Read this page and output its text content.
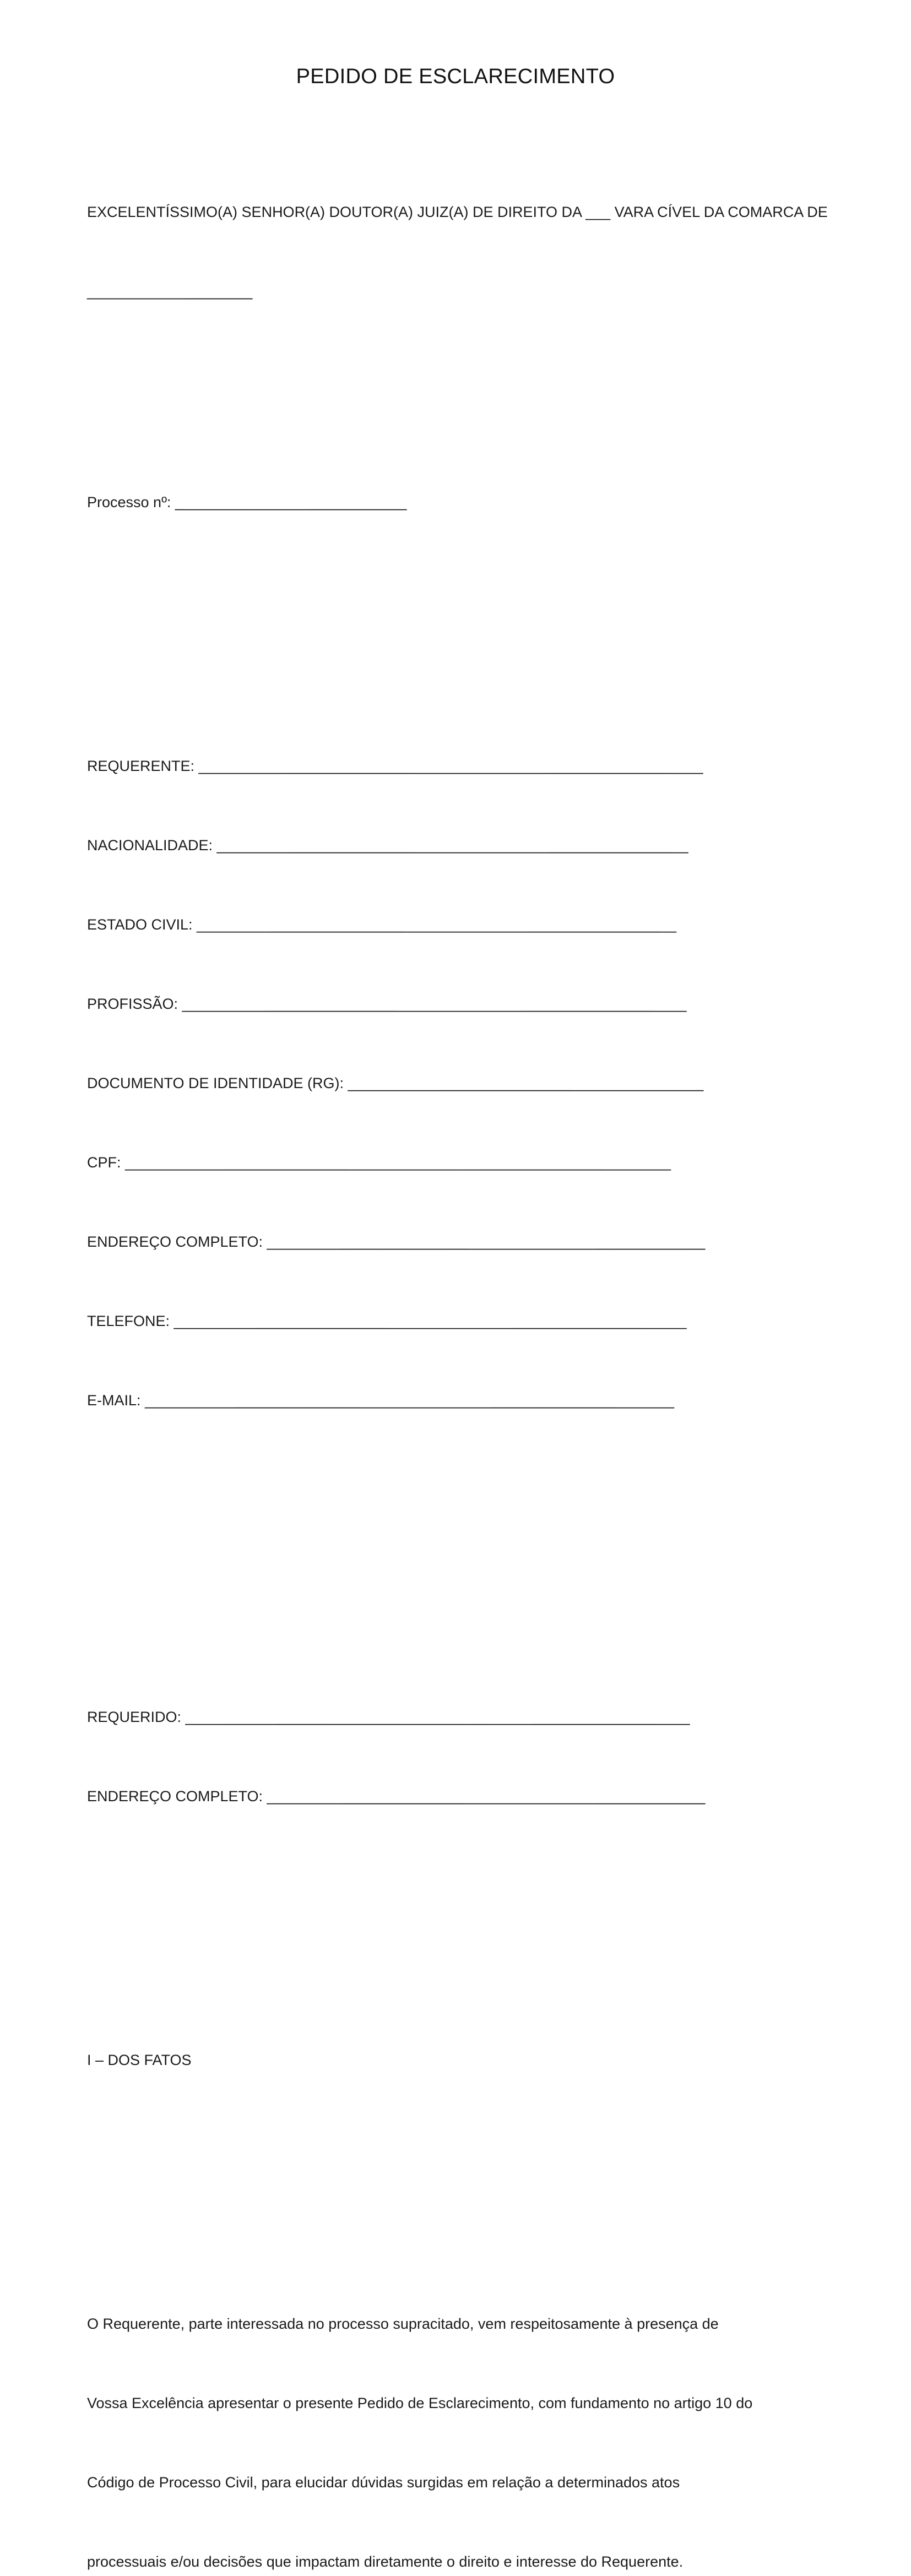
PEDIDO DE ESCLARECIMENTO

EXCELENTÍSSIMO(A) SENHOR(A) DOUTOR(A) JUIZ(A) DE DIREITO DA ___ VARA CÍVEL DA COMARCA DE

____________________

Processo nº: ____________________________

REQUERENTE: _____________________________________________________________

NACIONALIDADE: _________________________________________________________

ESTADO CIVIL: __________________________________________________________

PROFISSÃO: _____________________________________________________________

DOCUMENTO DE IDENTIDADE (RG): ___________________________________________

CPF: __________________________________________________________________

ENDEREÇO COMPLETO: _____________________________________________________

TELEFONE: ______________________________________________________________

E-MAIL: ________________________________________________________________

REQUERIDO: _____________________________________________________________

ENDEREÇO COMPLETO: _____________________________________________________

I – DOS FATOS

O Requerente, parte interessada no processo supracitado, vem respeitosamente à presença de

Vossa Excelência apresentar o presente Pedido de Esclarecimento, com fundamento no artigo 10 do

Código de Processo Civil, para elucidar dúvidas surgidas em relação a determinados atos

processuais e/ou decisões que impactam diretamente o direito e interesse do Requerente.
